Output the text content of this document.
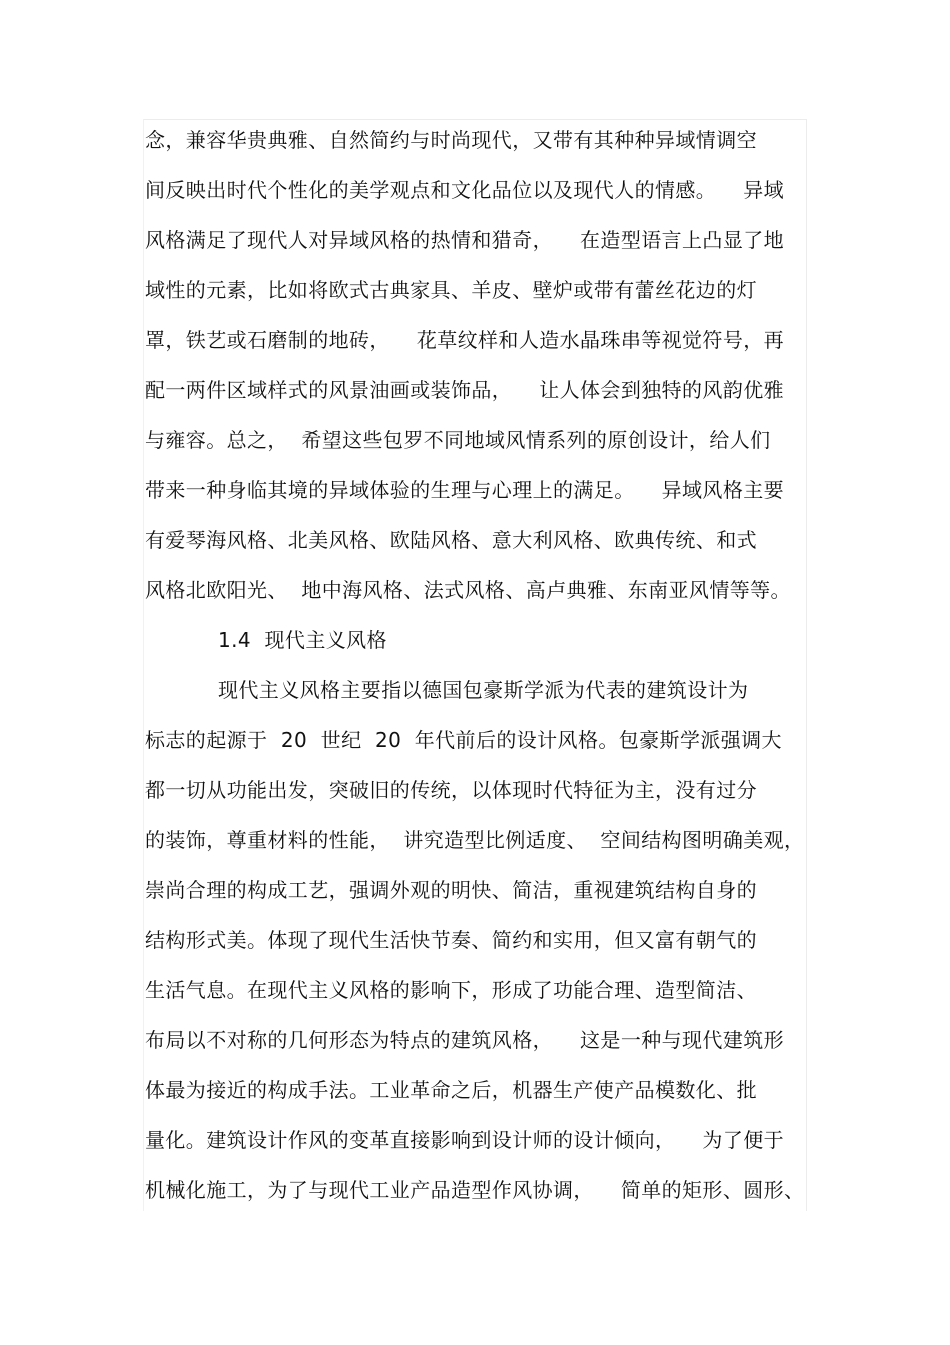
念，兼容华贵典雅、自然简约与时尚现代，又带有其种种异域情调空
间反映出时代个性化的美学观点和文化品位以及现代人的情感。    异域
风格满足了现代人对异域风格的热情和猎奇，    在造型语言上凸显了地
域性的元素，比如将欧式古典家具、羊皮、壁炉或带有蕾丝花边的灯
罩，铁艺或石磨制的地砖，    花草纹样和人造水晶珠串等视觉符号，再
配一两件区域样式的风景油画或装饰品，    让人体会到独特的风韵优雅
与雍容。总之，  希望这些包罗不同地域风情系列的原创设计，给人们
带来一种身临其境的异域体验的生理与心理上的满足。    异域风格主要
有爱琴海风格、北美风格、欧陆风格、意大利风格、欧典传统、和式
风格北欧阳光、  地中海风格、法式风格、高卢典雅、东南亚风情等等。
1.4  现代主义风格
现代主义风格主要指以德国包豪斯学派为代表的建筑设计为
标志的起源于  20  世纪  20  年代前后的设计风格。包豪斯学派强调大
都一切从功能出发，突破旧的传统，以体现时代特征为主，没有过分
的装饰，尊重材料的性能，  讲究造型比例适度、  空间结构图明确美观，
崇尚合理的构成工艺，强调外观的明快、简洁，重视建筑结构自身的
结构形式美。体现了现代生活快节奏、简约和实用，但又富有朝气的
生活气息。在现代主义风格的影响下，形成了功能合理、造型简洁、
布局以不对称的几何形态为特点的建筑风格，    这是一种与现代建筑形
体最为接近的构成手法。工业革命之后，机器生产使产品模数化、批
量化。建筑设计作风的变革直接影响到设计师的设计倾向，    为了便于
机械化施工，为了与现代工业产品造型作风协调，    简单的矩形、圆形、
